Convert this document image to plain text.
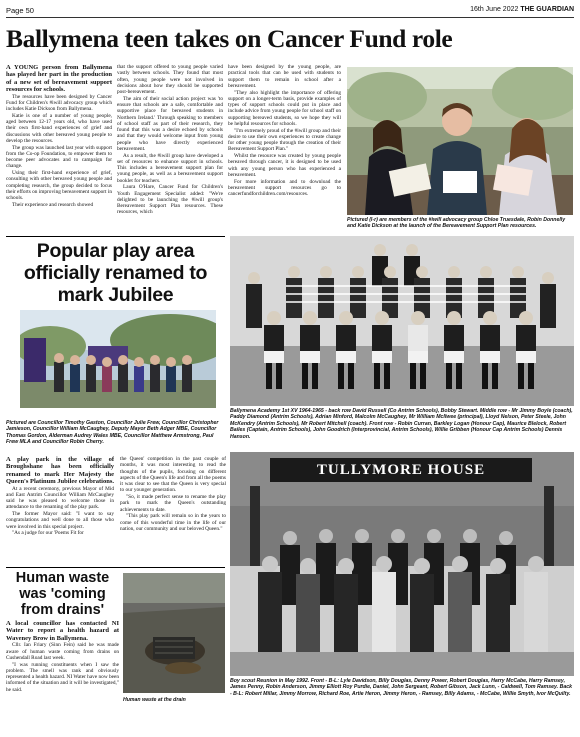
Page 50	16th June 2022 THE GUARDIAN
Ballymena teen takes on Cancer Fund role

A YOUNG person from Ballymena has played her part in the production of a new set of bereavement support resources for schools.

The resources have been designed by Cancer Fund for Children's #iwill advocacy group which includes Katie Dickson from Ballymena.

Katie is one of a number of young people, aged between 12-17 years old, who have used their own first-hand experiences of grief and discussions with other bereaved young people to develop the resources.

The group was launched last year with support from the Co-op Foundation, to empower them to become peer advocates and to campaign for change.

Using their first-hand experience of grief, consulting with other bereaved young people and completing research, the group decided to focus their efforts on improving bereavement support in schools.

Their experience and research showed

that the support offered to young people varied vastly between schools. They found that most often, young people were not involved in decisions about how they should be supported post-bereavement.

The aim of their social action project was 'to ensure that schools are a safe, comfortable and supportive place for bereaved students in Northern Ireland.' Through speaking to members of school staff as part of their research, they found that this was a desire echoed by schools and that they would welcome input from young people who have directly experienced bereavement.

As a result, the #iwill group have developed a set of resources to enhance support in schools. This includes a bereavement support plan for young people, as well as a bereavement support booklet for teachers.

Laura O'Hare, Cancer Fund for Children's Youth Engagement Specialist added: "We're delighted to be launching the #iwill group's Bereavement Support Plan resources. These resources, which

have been designed by the young people, are practical tools that can be used with students to support them to remain in school after a bereavement.

"They also highlight the importance of offering support on a longer-term basis, provide examples of types of support schools could put in place and include advice from young people for school staff on supporting bereaved students, so we hope they will be helpful resources for schools.

"I'm extremely proud of the #iwill group and their desire to use their own experiences to create change for other young people through the creation of their Bereavement Support Plan."

Whilst the resource was created by young people bereaved through cancer, it is designed to be used with any young person who has experienced a bereavement.

For more information and to download the bereavement support resources go to cancerfundforchildren.com/resources.

Pictured (l-r) are members of the #iwill advocacy group Chloe Truesdale, Robin Donnelly and Katie Dickson at the launch of the Bereavement Support Plan resources.
Popular play area officially renamed to mark Jubilee
Pictured are Councillor Timothy Gaston, Councillor Julie Frew, Councillor Christopher Jamieson, Councillor William McCaughey, Deputy Mayor Beth Adger MBE, Councillor Thomas Gordon, Alderman Audrey Wales MBE, Councillor Matthew Armstrong, Paul Frew MLA and Councillor Robin Cherry.

A play park in the village of Broughshane has been officially renamed to mark Her Majesty the Queen's Platinum Jubilee celebrations.

At a recent ceremony, previous Mayor of Mid and East Antrim Councillor William McCaughey said he was pleased to welcome those in attendance to the renaming of the play park.

The former Mayor said: "I want to say congratulations and well done to all those who were involved in this special project.

"As a judge for our 'Poems Fit for

the Queen' competition in the past couple of months, it was most interesting to read the thoughts of the pupils, focusing on different aspects of the Queen's life and from all the poems it was clear to see that the Queen is very special to our younger generation.

"So, it made perfect sense to rename the play park to mark the Queen's outstanding achievements to date.

"This play park will remain so in the years to come of this wonderful time in the life of our nation, our community and our beloved Queen."

Human waste was 'coming from drains'

A local councillor has contacted NI Water to report a health hazard at Waveney Brow in Ballymena.

Cllr. Ian Friary (Sinn Fein) said he was made aware of human waste coming from drains on Cushendall Road last week.

"I was running constituents when I saw the problem. The smell was rank and obviously represented a health hazard. NI Water have now been informed of the situation and it will be investigated," he said.

Human waste at the drain
Ballymena Academy 1st XV 1964-1965 - back row David Russell (Co Antrim Schools), Bobby Stewart. Middle row - Mr Jimmy Boyle (coach), Paddy Diamond (Antrim Schools), Adrian Minford, Malcolm McCaughey, Mr William McIlwee (principal), Lloyd Nelson, Peter Steele, John McKendry (Antrim Schools), Mr Robert Mitchell (coach). Front row - Robin Curran, Barkley Logan (Honour Cap), Maurice Blelock, Robert Bailes (Captain, Antrim Schools), John Goodrich (Interprovincial, Antrim Schools), Willie Gribben (Honour Cap Antrim Schools) Dennis Hanson.
TULLYMORE HOUSE
Boy scout Reunion in May 1992. Front - B-L: Lyle Davidson, Billy Douglas, Denny Power, Robert Douglas, Harry McCabe, Harry Ramsey, James Penny, Robin Anderson, Jimmy Elliott Roy Purdie, Daniel, John Sergeant, Robert Gibson, Jack Lunn, - Caldwell, Tom Ramsey. Back - B-L: Robert Millar, Jimmy Morrow, Richard Roe, Artie Heron, Jimmy Heron, - Ramsey, Billy Adams, - McCabe, Willie Smyth, Ivor McQuilty.
